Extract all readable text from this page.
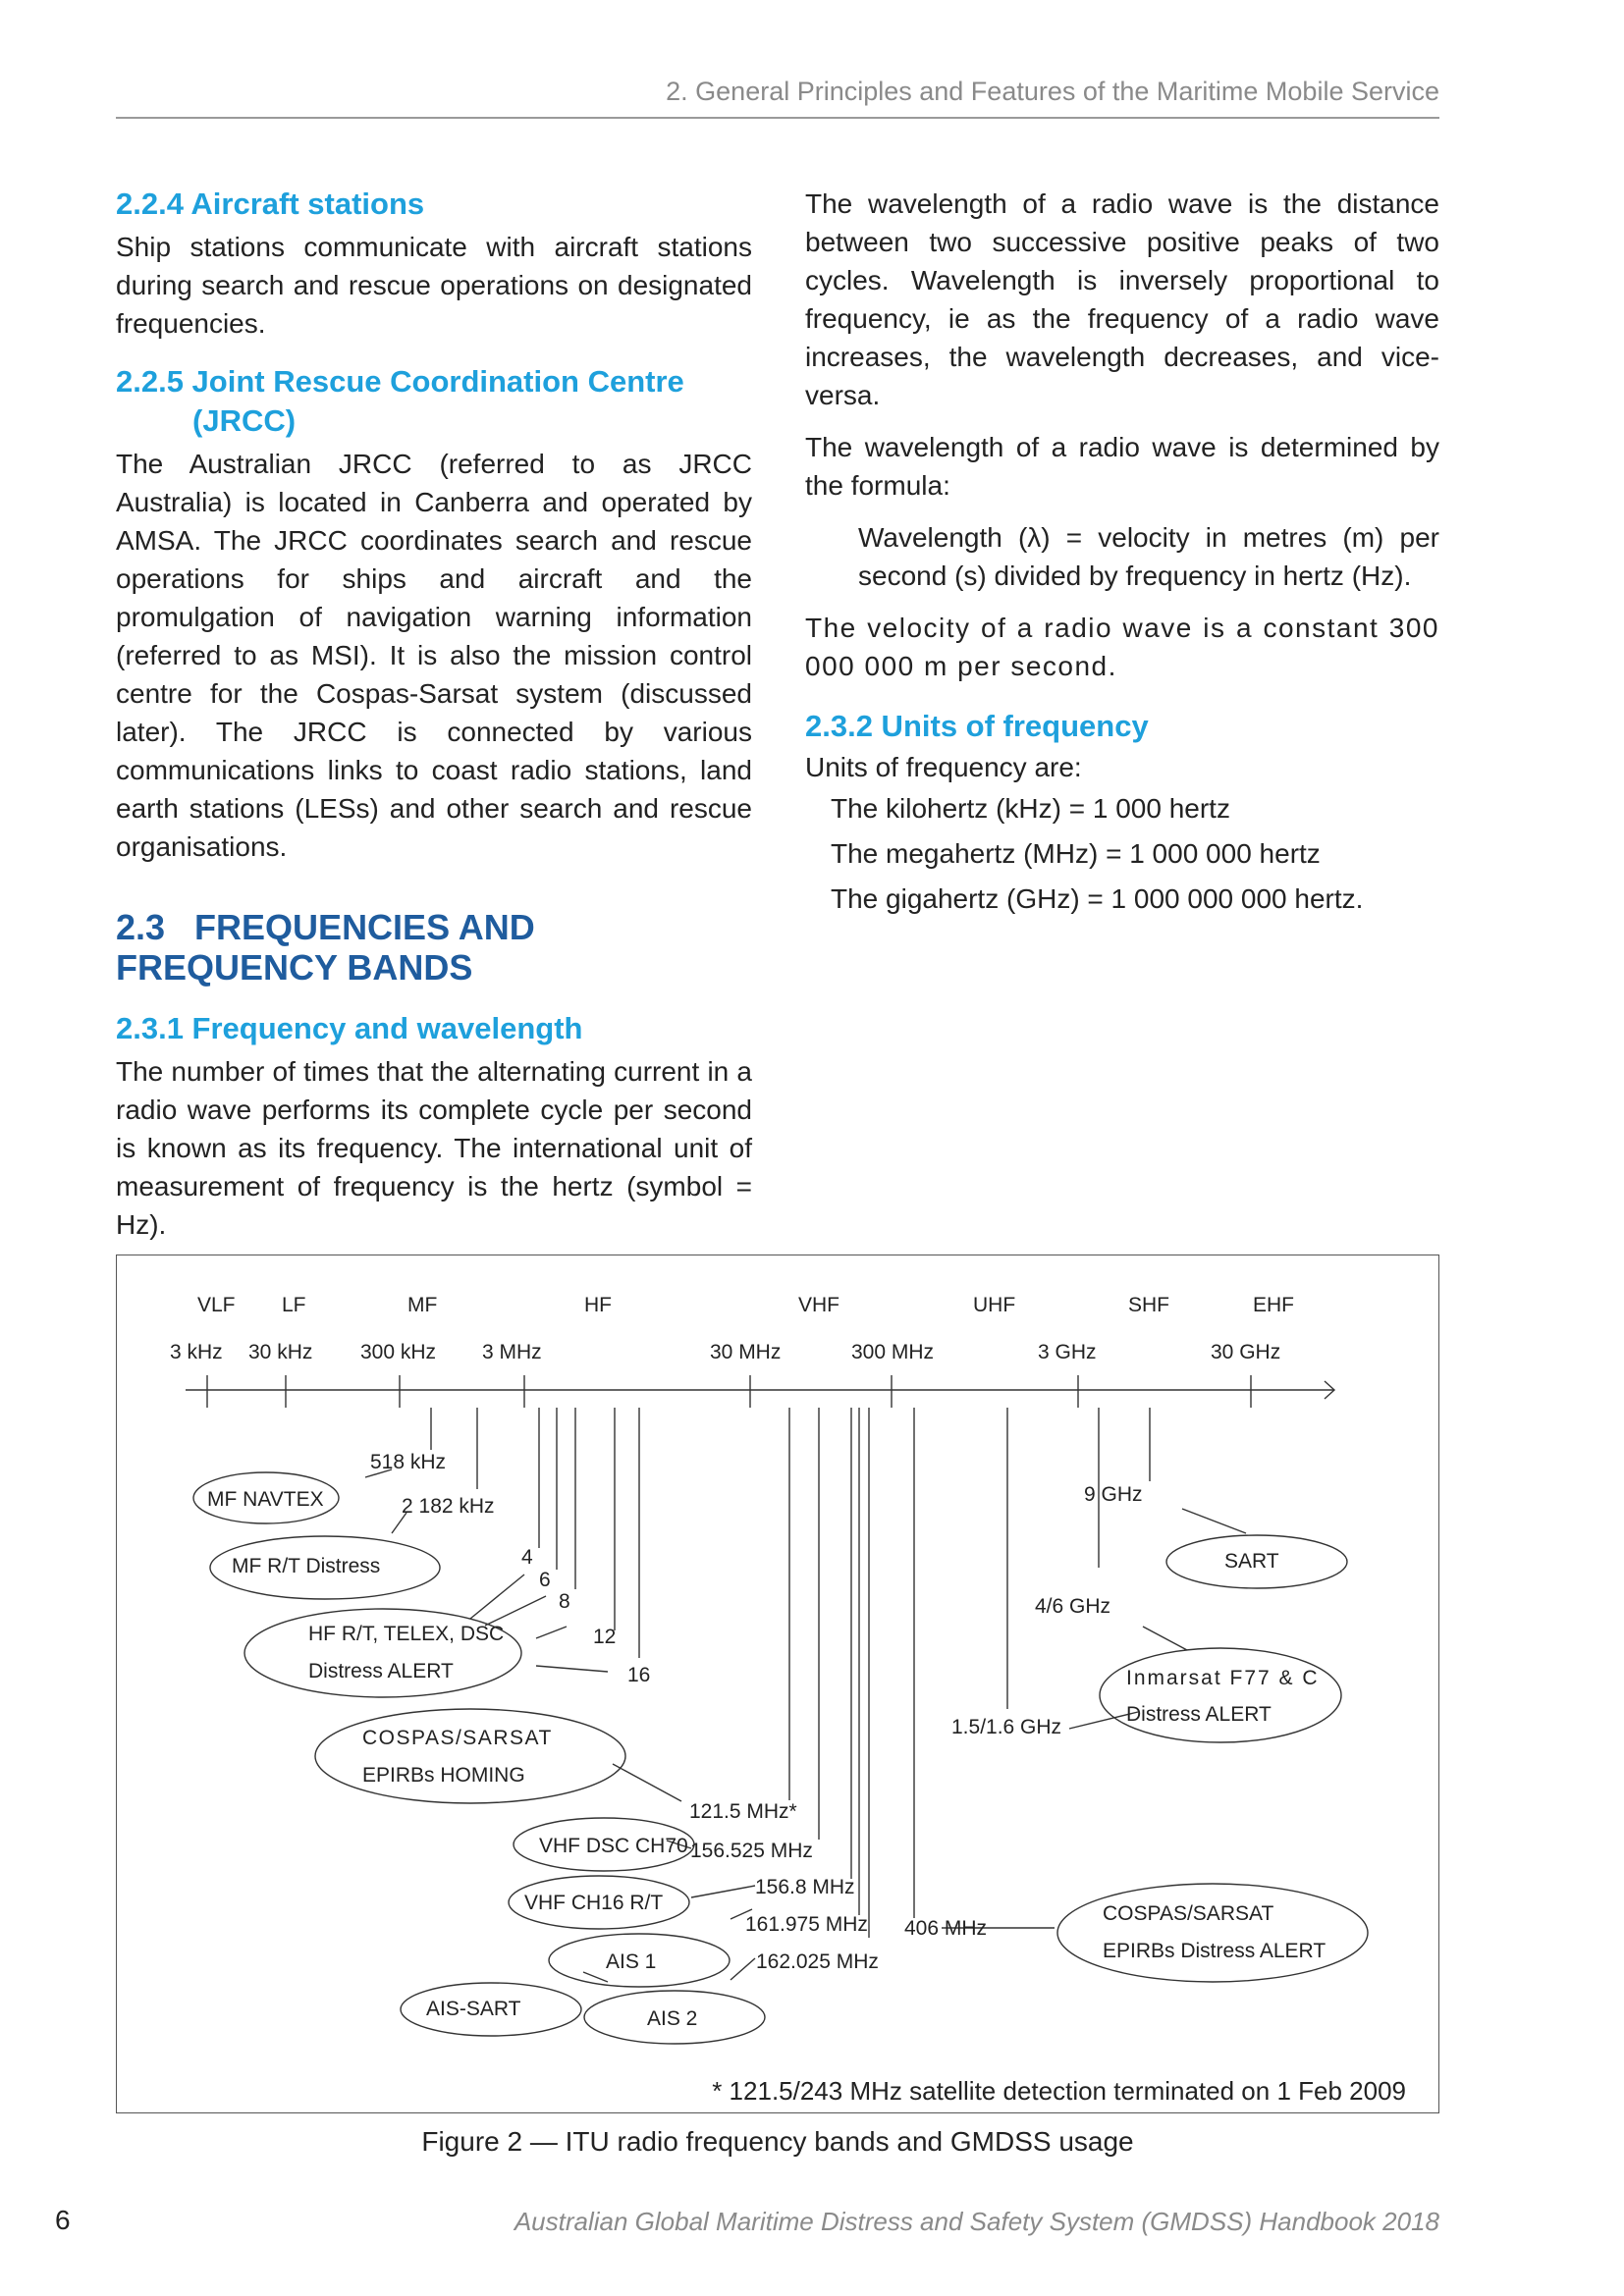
2. General Principles and Features of the Maritime Mobile Service
2.2.4 Aircraft stations

Ship stations communicate with aircraft stations during search and rescue operations on designated frequencies.

2.2.5 Joint Rescue Coordination Centre

(JRCC)

The Australian JRCC (referred to as JRCC Australia) is located in Canberra and operated by AMSA. The JRCC coordinates search and rescue operations for ships and aircraft and the promulgation of navigation warning information (referred to as MSI). It is also the mission control centre for the Cospas-Sarsat system (discussed later). The JRCC is connected by various communications links to coast radio stations, land earth stations (LESs) and other search and rescue organisations.

2.3   FREQUENCIES AND
FREQUENCY BANDS
2.3.1 Frequency and wavelength

The number of times that the alternating current in a radio wave performs its complete cycle per second is known as its frequency. The international unit of measurement of frequency is the hertz (symbol = Hz).

The wavelength of a radio wave is the distance between two successive positive peaks of two cycles. Wavelength is inversely proportional to frequency, ie as the frequency of a radio wave increases, the wavelength decreases, and vice-versa.

The wavelength of a radio wave is determined by the formula:

Wavelength (λ) = velocity in metres (m) per second (s) divided by frequency in hertz (Hz).

The velocity of a radio wave is a constant 300 000 000 m per second.

2.3.2 Units of frequency

Units of frequency are:

The kilohertz (kHz) = 1 000 hertz

The megahertz (MHz) = 1 000 000 hertz

The gigahertz (GHz) = 1 000 000 000 hertz.

VLF LF	MF	HF	VHF	UHF	SHF	EHF
3 kHz 30 kHz 300 kHz 3 MHz	30 MHz	300 MHz	3 GHz	30 GHz
518 kHz
2 182 kHz
4
6
8
12
16
121.5 MHz*
156.525 MHz
156.8 MHz
161.975 MHz
162.025 MHz
406 MHz
9 GHz
4/6 GHz
1.5/1.6 GHz
MF NAVTEX
MF R/T Distress
HF R/T, TELEX, DSC
Distress ALERT
COSPAS/SARSAT
EPIRBs HOMING
VHF DSC CH70
VHF CH16 R/T
AIS 1
AIS-SART	AIS 2
SART
Inmarsat F77 & C
Distress ALERT
COSPAS/SARSAT
EPIRBs Distress ALERT
* 121.5/243 MHz satellite detection terminated on 1 Feb 2009
Figure 2 — ITU radio frequency bands and GMDSS usage
6	Australian Global Maritime Distress and Safety System (GMDSS) Handbook 2018
